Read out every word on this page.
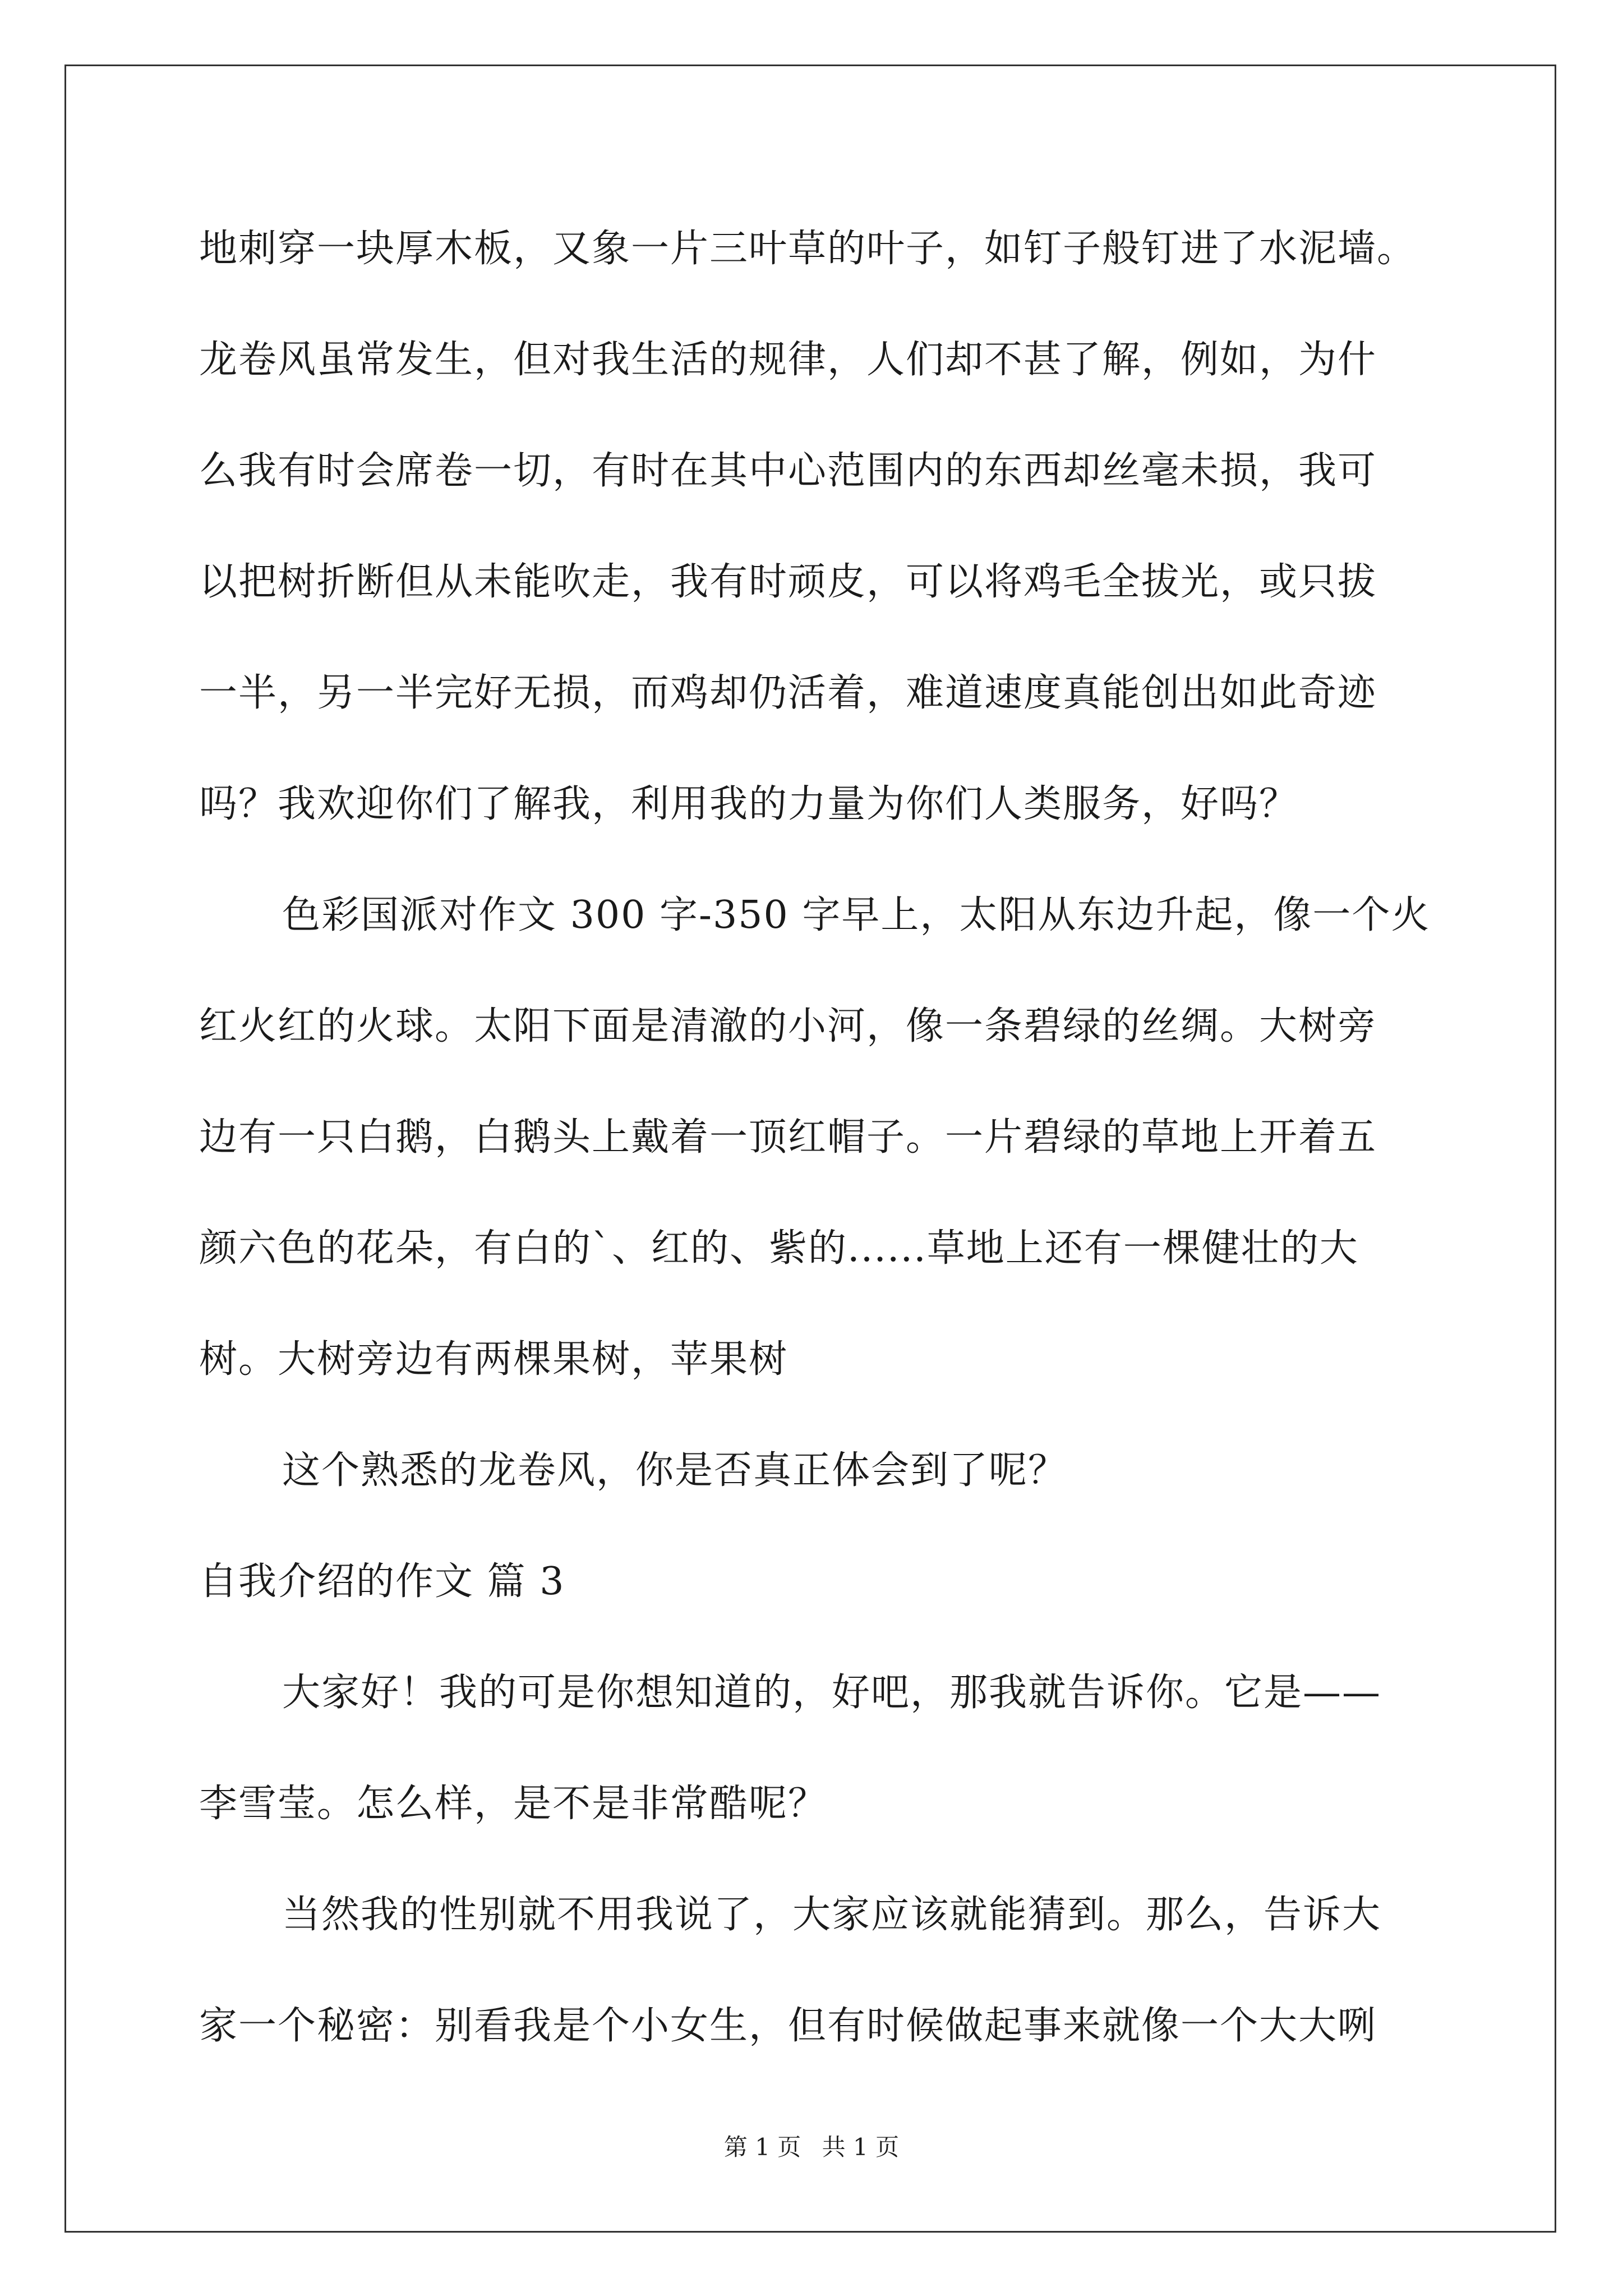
地刺穿一块厚木板，又象一片三叶草的叶子，如钉子般钉进了水泥墙。
龙卷风虽常发生，但对我生活的规律，人们却不甚了解，例如，为什
么我有时会席卷一切，有时在其中心范围内的东西却丝毫未损，我可
以把树折断但从未能吹走，我有时顽皮，可以将鸡毛全拔光，或只拔
一半，另一半完好无损，而鸡却仍活着，难道速度真能创出如此奇迹
吗？我欢迎你们了解我，利用我的力量为你们人类服务，好吗？
色彩国派对作文 300 字-350 字早上，太阳从东边升起，像一个火
红火红的火球。太阳下面是清澈的小河，像一条碧绿的丝绸。大树旁
边有一只白鹅，白鹅头上戴着一顶红帽子。一片碧绿的草地上开着五
颜六色的花朵，有白的`、红的、紫的......草地上还有一棵健壮的大
树。大树旁边有两棵果树，苹果树
这个熟悉的龙卷风，你是否真正体会到了呢？
自我介绍的作文 篇 3
大家好！我的可是你想知道的，好吧，那我就告诉你。它是——
李雪莹。怎么样，是不是非常酷呢？
当然我的性别就不用我说了，大家应该就能猜到。那么，告诉大
家一个秘密：别看我是个小女生，但有时候做起事来就像一个大大咧
第 1 页 共 1 页
